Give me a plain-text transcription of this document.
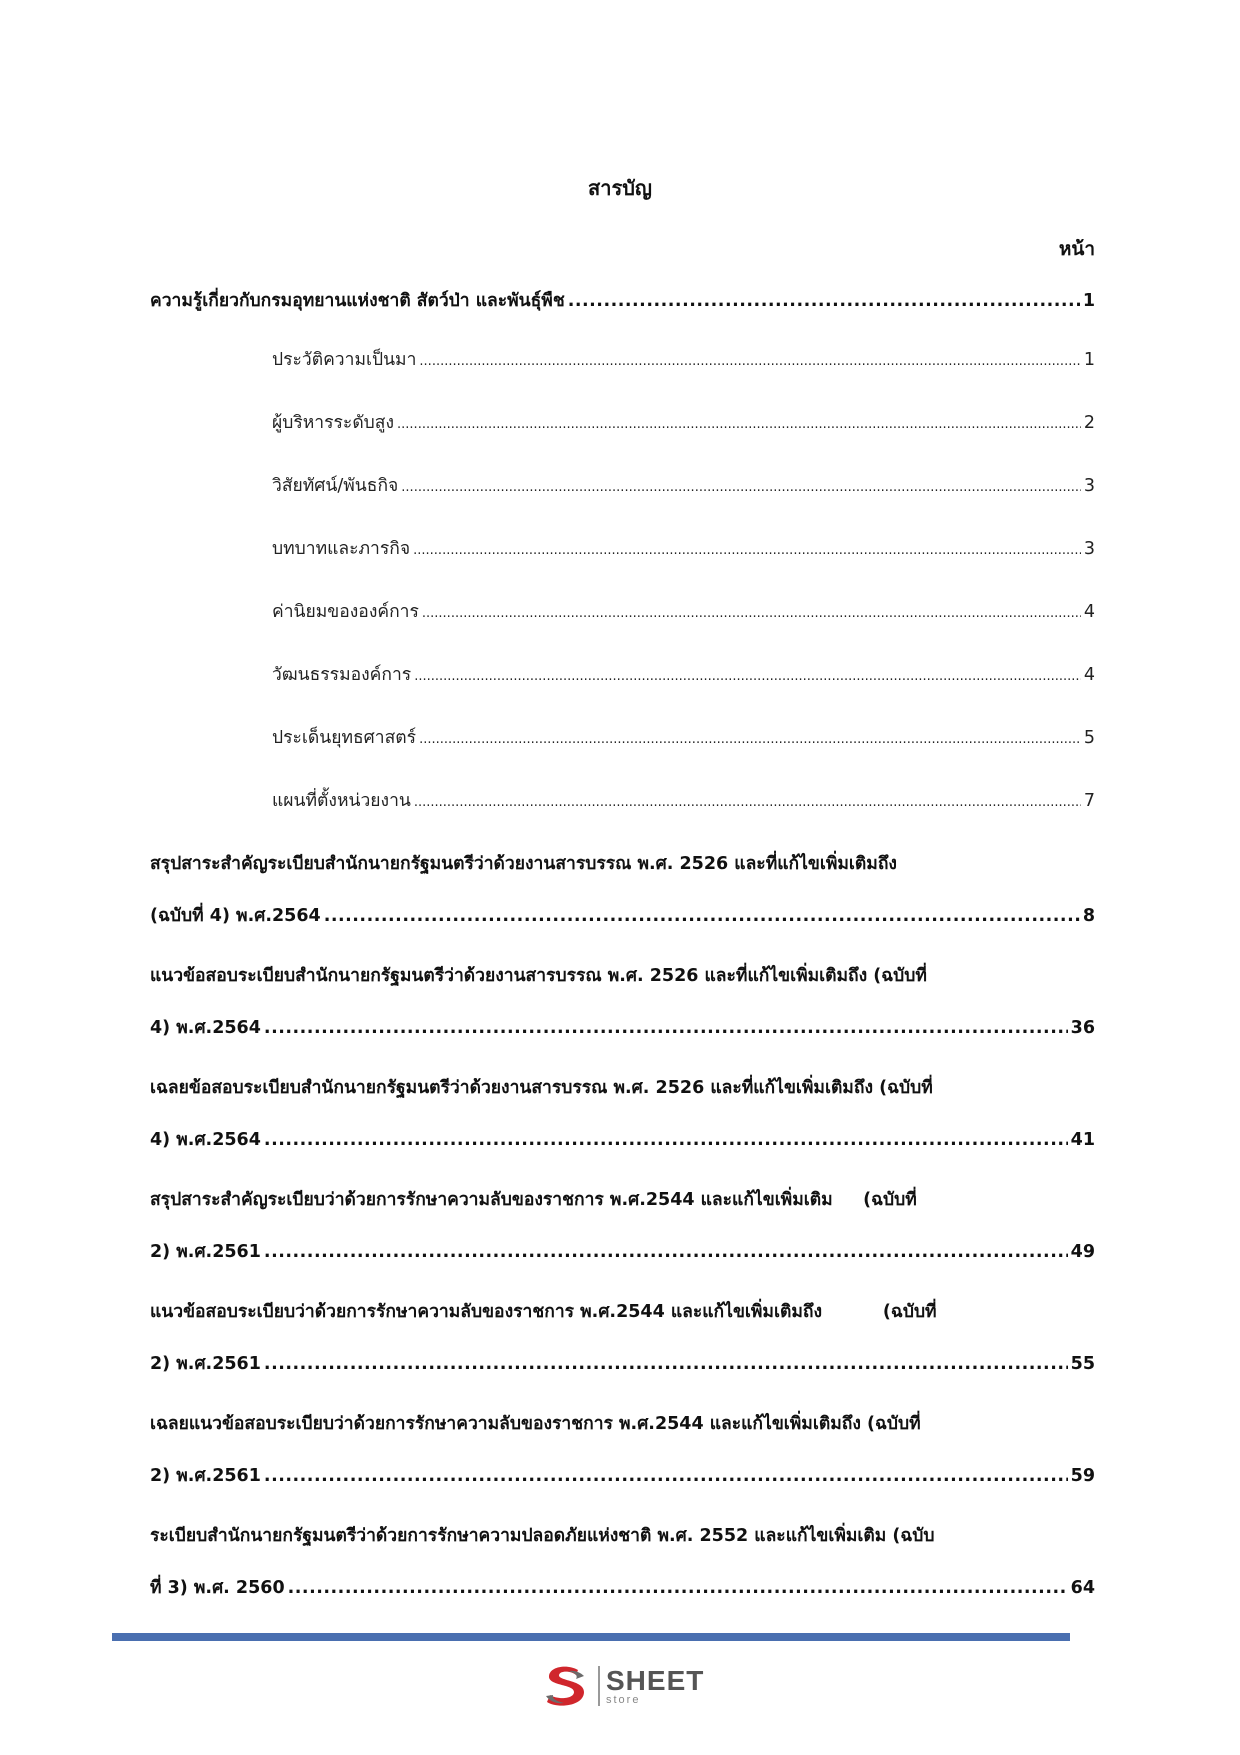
สารบัญ
หน้า
ความรู้เกี่ยวกับกรมอุทยานแห่งชาติ สัตว์ป่า และพันธุ์พืช .....	1
ประวัติความเป็นมา .....	1
ผู้บริหารระดับสูง .....	2
วิสัยทัศน์/พันธกิจ .....	3
บทบาทและภารกิจ .....	3
ค่านิยมขององค์การ .....	4
วัฒนธรรมองค์การ .....	4
ประเด็นยุทธศาสตร์ .....	5
แผนที่ตั้งหน่วยงาน .....	7
สรุปสาระสำคัญระเบียบสำนักนายกรัฐมนตรีว่าด้วยงานสารบรรณ พ.ศ. 2526 และที่แก้ไขเพิ่มเติมถึง
(ฉบับที่ 4) พ.ศ.2564 .....	8
แนวข้อสอบระเบียบสำนักนายกรัฐมนตรีว่าด้วยงานสารบรรณ พ.ศ. 2526 และที่แก้ไขเพิ่มเติมถึง (ฉบับที่
4) พ.ศ.2564 .....	36
เฉลยข้อสอบระเบียบสำนักนายกรัฐมนตรีว่าด้วยงานสารบรรณ พ.ศ. 2526 และที่แก้ไขเพิ่มเติมถึง (ฉบับที่
4) พ.ศ.2564 .....	41
สรุปสาระสำคัญระเบียบว่าด้วยการรักษาความลับของราชการ พ.ศ.2544 และแก้ไขเพิ่มเติม     (ฉบับที่
2) พ.ศ.2561 .....	49
แนวข้อสอบระเบียบว่าด้วยการรักษาความลับของราชการ พ.ศ.2544 และแก้ไขเพิ่มเติมถึง          (ฉบับที่
2) พ.ศ.2561 .....	55
เฉลยแนวข้อสอบระเบียบว่าด้วยการรักษาความลับของราชการ พ.ศ.2544 และแก้ไขเพิ่มเติมถึง (ฉบับที่
2) พ.ศ.2561 .....	59
ระเบียบสำนักนายกรัฐมนตรีว่าด้วยการรักษาความปลอดภัยแห่งชาติ พ.ศ. 2552 และแก้ไขเพิ่มเติม (ฉบับ
ที่ 3) พ.ศ. 2560 .....	64
SHEET
store
